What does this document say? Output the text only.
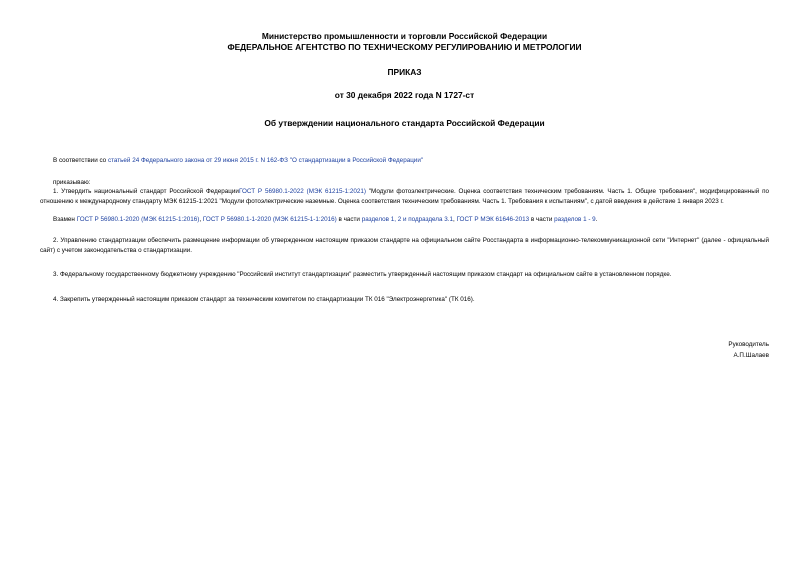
Министерство промышленности и торговли Российской Федерации
ФЕДЕРАЛЬНОЕ АГЕНТСТВО ПО ТЕХНИЧЕСКОМУ РЕГУЛИРОВАНИЮ И МЕТРОЛОГИИ
ПРИКАЗ
от 30 декабря 2022 года N 1727-ст
Об утверждении национального стандарта Российской Федерации

В соответствии со статьей 24 Федерального закона от 29 июня 2015 г. N 162-ФЗ "О стандартизации в Российской Федерации"

приказываю:

1. Утвердить национальный стандарт Российской ФедерацииГОСТ Р 56980.1-2022 (МЭК 61215-1:2021) "Модули фотоэлектрические. Оценка соответствия техническим требованиям. Часть 1. Общие требования", модифицированный по отношению к международному стандарту МЭК 61215-1:2021 "Модули фотоэлектрические наземные. Оценка соответствия техническим требованиям. Часть 1. Требования к испытаниям", с датой введения в действие 1 января 2023 г.

Взамен ГОСТ Р 56980.1-2020 (МЭК 61215-1:2016), ГОСТ Р 56980.1-1-2020 (МЭК 61215-1-1:2016) в части разделов 1, 2 и подраздела 3.1, ГОСТ Р МЭК 61646-2013 в части разделов 1 - 9.

2. Управлению стандартизации обеспечить размещение информации об утвержденном настоящим приказом стандарте на официальном сайте Росстандарта в информационно-телекоммуникационной сети "Интернет" (далее - официальный сайт) с учетом законодательства о стандартизации.

3. Федеральному государственному бюджетному учреждению "Российский институт стандартизации" разместить утвержденный настоящим приказом стандарт на официальном сайте в установленном порядке.

4. Закрепить утвержденный настоящим приказом стандарт за техническим комитетом по стандартизации ТК 016 "Электроэнергетика" (ТК 016).

Руководитель
А.П.Шалаев
